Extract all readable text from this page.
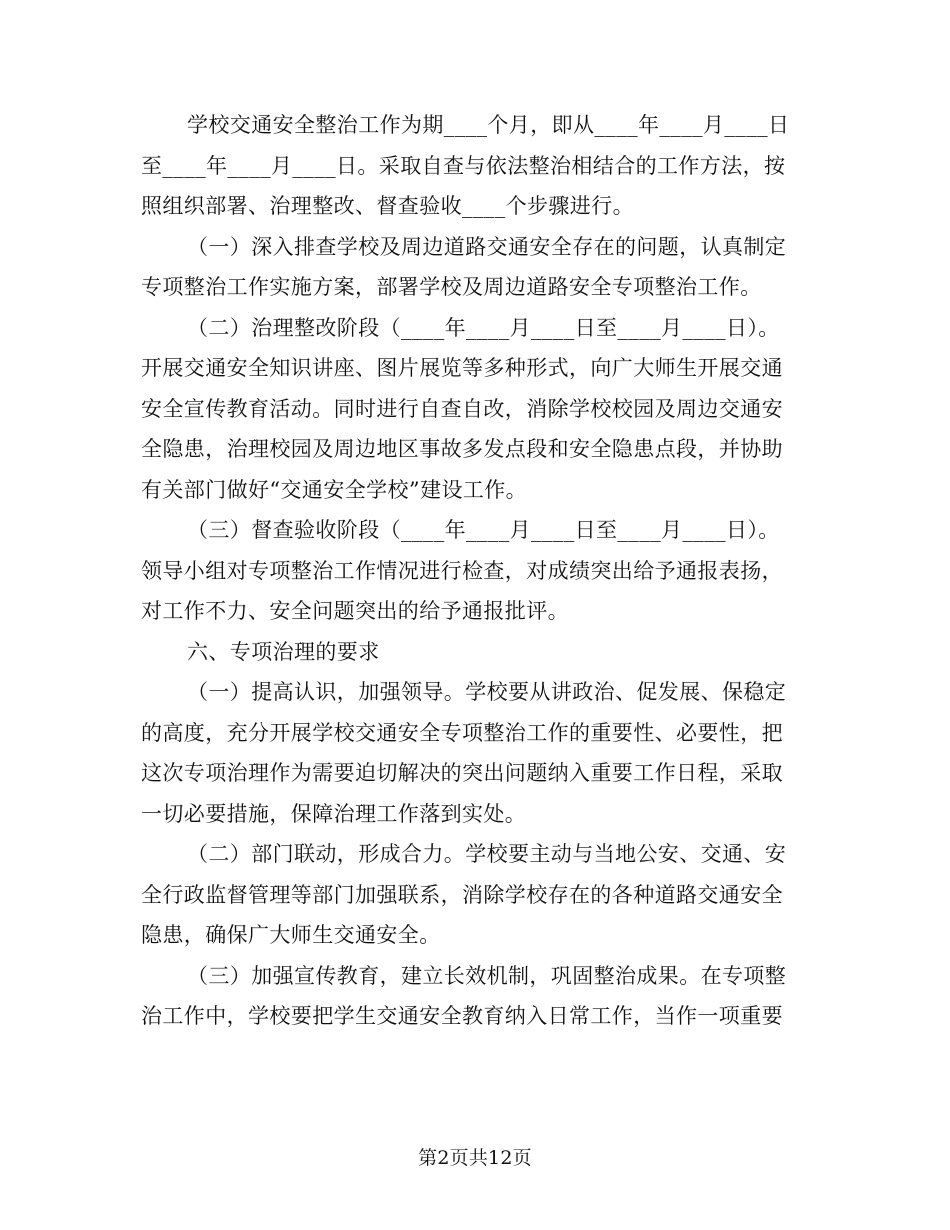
学校交通安全整治工作为期____个月，即从____年____月____日
至____年____月____日。采取自查与依法整治相结合的工作方法，按
照组织部署、治理整改、督查验收____个步骤进行。

（一）深入排查学校及周边道路交通安全存在的问题，认真制定
专项整治工作实施方案，部署学校及周边道路安全专项整治工作。

（二）治理整改阶段（____年____月____日至____月____日）。
开展交通安全知识讲座、图片展览等多种形式，向广大师生开展交通
安全宣传教育活动。同时进行自查自改，消除学校校园及周边交通安
全隐患，治理校园及周边地区事故多发点段和安全隐患点段，并协助
有关部门做好“交通安全学校”建设工作。

（三）督查验收阶段（____年____月____日至____月____日）。
领导小组对专项整治工作情况进行检查，对成绩突出给予通报表扬，
对工作不力、安全问题突出的给予通报批评。

六、专项治理的要求

（一）提高认识，加强领导。学校要从讲政治、促发展、保稳定
的高度，充分开展学校交通安全专项整治工作的重要性、必要性，把
这次专项治理作为需要迫切解决的突出问题纳入重要工作日程，采取
一切必要措施，保障治理工作落到实处。

（二）部门联动，形成合力。学校要主动与当地公安、交通、安
全行政监督管理等部门加强联系，消除学校存在的各种道路交通安全
隐患，确保广大师生交通安全。

（三）加强宣传教育，建立长效机制，巩固整治成果。在专项整
治工作中，学校要把学生交通安全教育纳入日常工作，当作一项重要

第2页共12页
